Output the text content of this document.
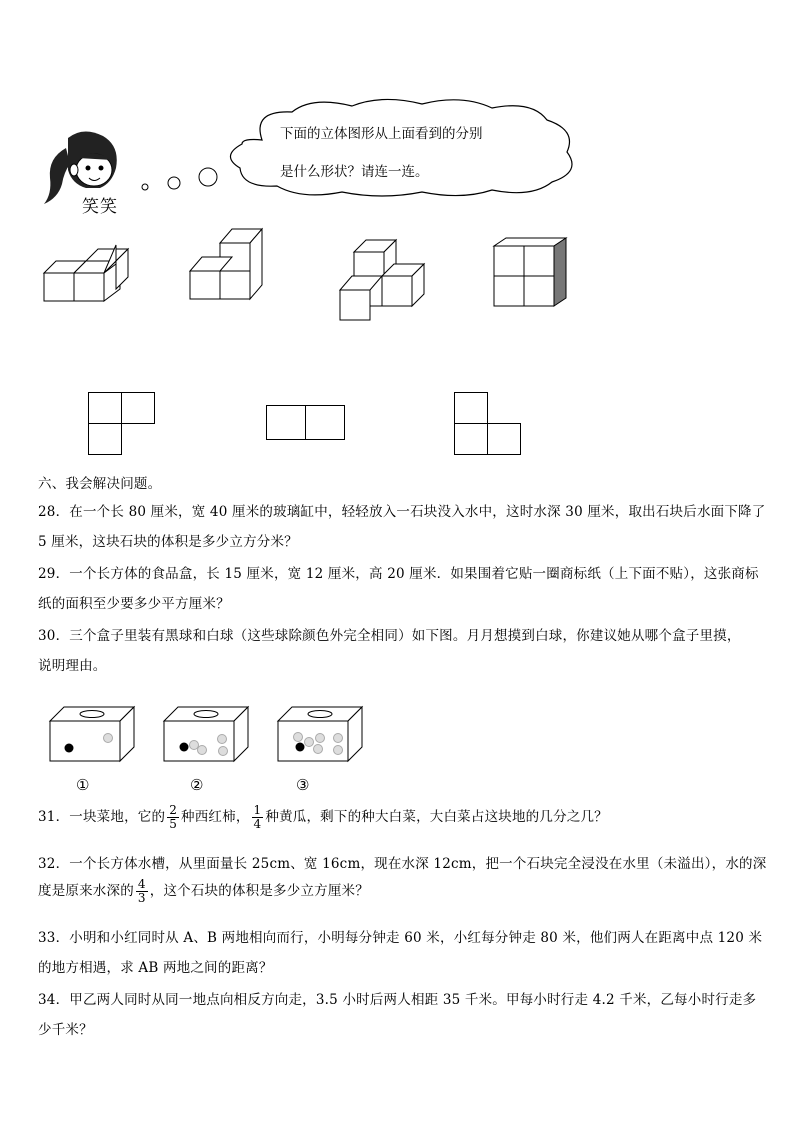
笑笑
下面的立体图形从上面看到的分别
是什么形状？请连一连。
六、我会解决问题。
28．在一个长 80 厘米，宽 40 厘米的玻璃缸中，轻轻放入一石块没入水中，这时水深 30 厘米，取出石块后水面下降了
5 厘米，这块石块的体积是多少立方分米？
29．一个长方体的食品盒，长 15 厘米，宽 12 厘米，高 20 厘米．如果围着它贴一圈商标纸（上下面不贴），这张商标
纸的面积至少要多少平方厘米？
30．三个盒子里装有黑球和白球（这些球除颜色外完全相同）如下图。月月想摸到白球，你建议她从哪个盒子里摸，
说明理由。
①	②	③
31．一块菜地，它的 $\frac{2}{5}$ 种西红柿， $\frac{1}{4}$ 种黄瓜，剩下的种大白菜，大白菜占这块地的几分之几？
32．一个长方体水槽，从里面量长 25cm、宽 16cm，现在水深 12cm，把一个石块完全浸没在水里（未溢出），水的深
度是原来水深的 $\frac{4}{3}$ ，这个石块的体积是多少立方厘米？
33．小明和小红同时从 A、B 两地相向而行，小明每分钟走 60 米，小红每分钟走 80 米，他们两人在距离中点 120 米
的地方相遇，求 AB 两地之间的距离？
34．甲乙两人同时从同一地点向相反方向走，3.5 小时后两人相距 35 千米。甲每小时行走 4.2 千米，乙每小时行走多
少千米？
